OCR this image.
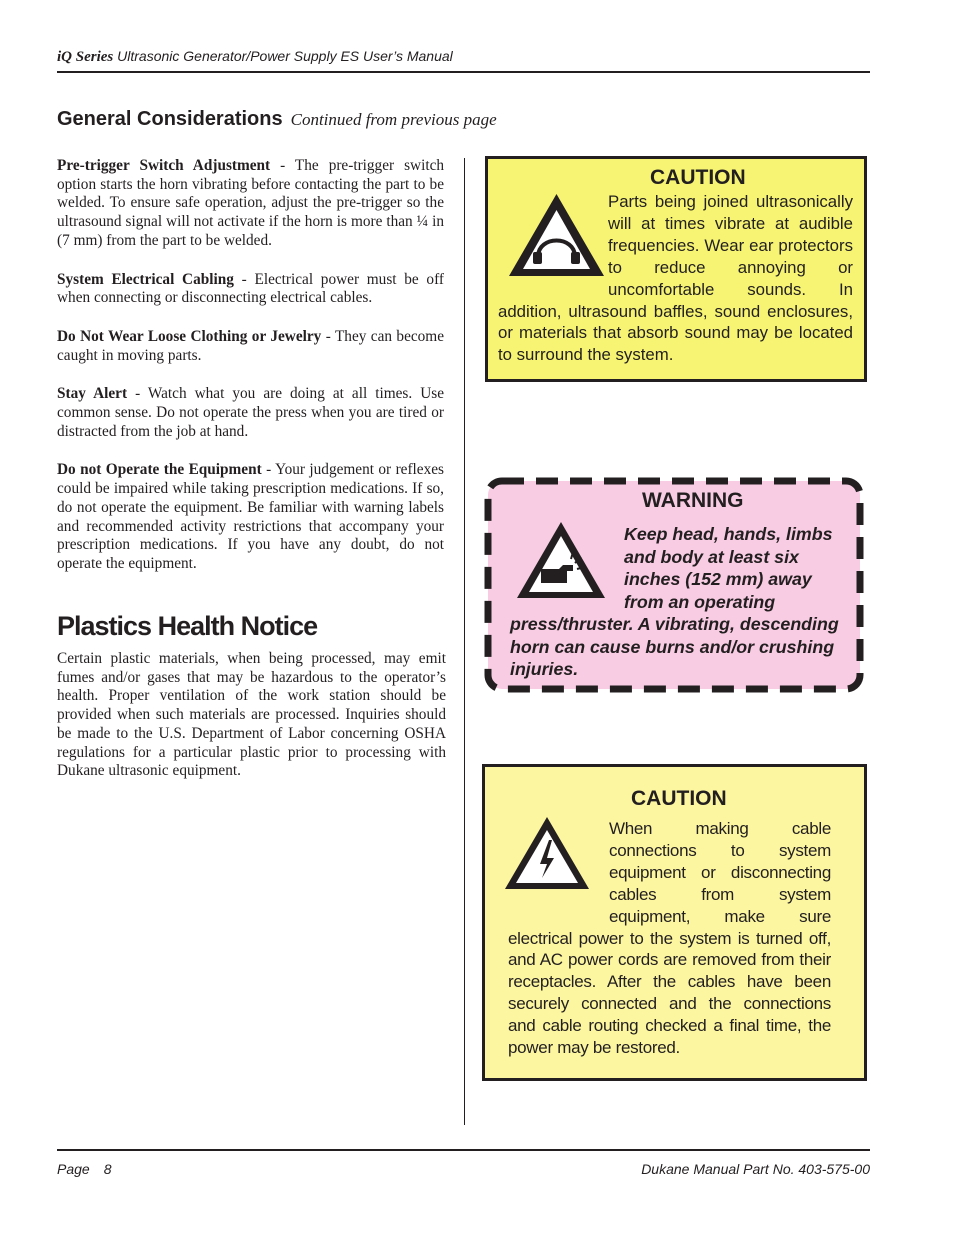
iQ Series Ultrasonic Generator/Power Supply ES User’s Manual
General Considerations Continued from previous page

Pre-trigger Switch Adjustment - The pre-trigger switch option starts the horn vibrating before contacting the part to be welded. To ensure safe operation, adjust the pre-trigger so the ultrasound signal will not activate if the horn is more than ¼ in (7 mm) from the part to be welded.

System Electrical Cabling - Electrical power must be off when connecting or disconnecting electrical cables.

Do Not Wear Loose Clothing or Jewelry - They can become caught in moving parts.

Stay Alert - Watch what you are doing at all times. Use common sense. Do not operate the press when you are tired or distracted from the job at hand.

Do not Operate the Equipment - Your judgement or reflexes could be impaired while taking prescription medications. If so, do not operate the equipment. Be familiar with warning labels and recommended activity restrictions that accompany your prescription medications. If you have any doubt, do not operate the equipment.

Plastics Health Notice

Certain plastic materials, when being processed, may emit fumes and/or gases that may be hazardous to the operator’s health. Proper ventilation of the work station should be provided when such materials are processed. Inquiries should be made to the U.S. Department of Labor concerning OSHA regulations for a particular plastic prior to processing with Dukane ultrasonic equipment.

CAUTION

Parts being joined ultrasonically will at times vibrate at audible frequencies. Wear ear protectors to reduce annoying or uncomfortable sounds. In addition, ultrasound baffles, sound enclosures, or materials that absorb sound may be located to surround the system.

WARNING

Keep head, hands, limbs and body at least six inches (152 mm) away from an operating press/thruster. A vibrating, descending horn can cause burns and/or crushing injuries.

CAUTION

When making cable connections to system equipment or disconnecting cables from system equipment, make sure electrical power to the system is turned off, and AC power cords are removed from their receptacles. After the cables have been securely connected and the connections and cable routing checked a final time, the power may be restored.

Page 8	Dukane Manual Part No. 403-575-00
